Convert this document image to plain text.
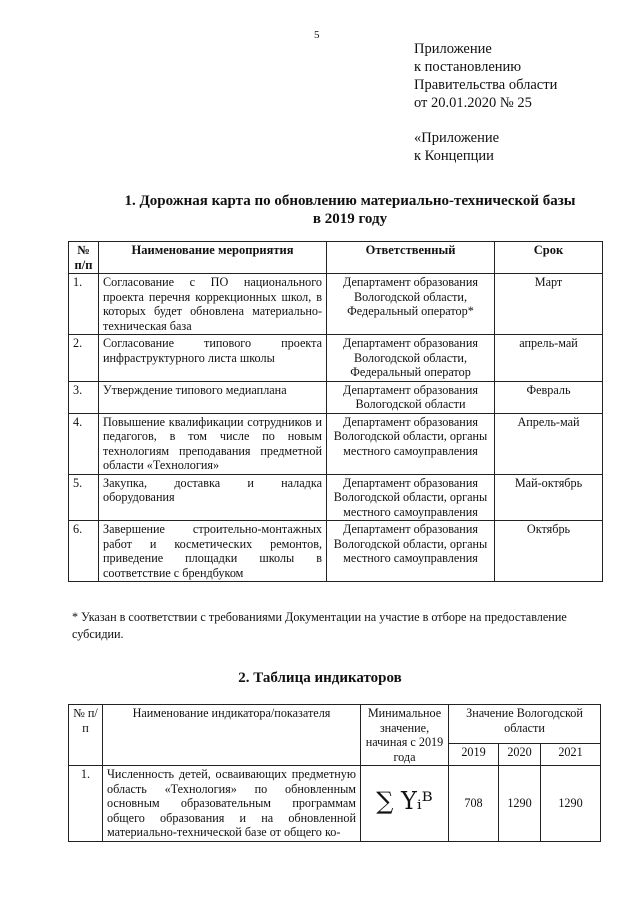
5
Приложение
к постановлению
Правительства области
от 20.01.2020 № 25
«Приложение
к Концепции
1. Дорожная карта по обновлению материально-технической базы
в 2019 году
№ п/п	Наименование мероприятия	Ответственный	Срок
1.	Согласование с ПО национального проекта перечня коррекционных школ, в которых будет обновлена материально-техническая база	Департамент образования Вологодской области, Федеральный оператор*	Март
2.	Согласование типового проекта инфраструктурного листа школы	Департамент образования Вологодской области, Федеральный оператор	апрель-май
3.	Утверждение типового медиаплана	Департамент образования Вологодской области	Февраль
4.	Повышение квалификации сотрудников и педагогов, в том числе по новым технологиям преподавания предметной области «Технология»	Департамент образования Вологодской области, органы местного самоуправления	Апрель-май
5.	Закупка, доставка и наладка оборудования	Департамент образования Вологодской области, органы местного самоуправления	Май-октябрь
6.	Завершение строительно-монтажных работ и косметических ремонтов, приведение площадки школы в соответствие с брендбуком	Департамент образования Вологодской области, органы местного самоуправления	Октябрь
* Указан в соответствии с требованиями Документации на участие в отборе на предоставление субсидии.
2. Таблица индикаторов
№ п/п	Наименование индикатора/показателя	Минимальное значение, начиная с 2019 года	Значение Вологодской области		
			2019	2020	2021
1.	Численность детей, осваивающих предметную область «Технология» по обновленным основным образовательным программам общего образования и на обновленной материально-технической базе от общего ко-	∑ Yᵢᴮ	708	1290	1290
